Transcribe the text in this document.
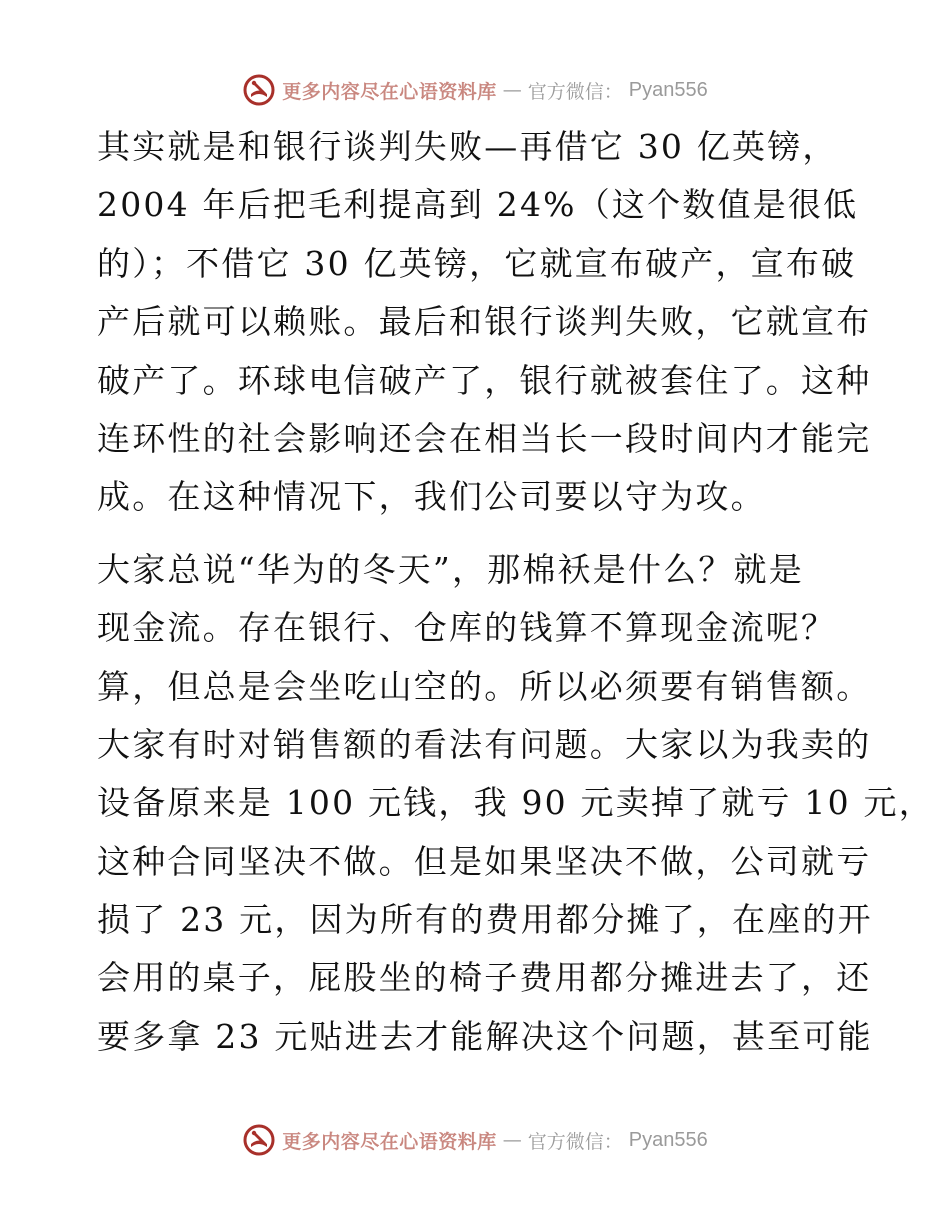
更多内容尽在心语资料库 — 官方微信： Pyan556
其实就是和银行谈判失败—再借它 30 亿英镑，
2004 年后把毛利提高到 24%（这个数值是很低
的）；不借它 30 亿英镑，它就宣布破产，宣布破
产后就可以赖账。最后和银行谈判失败，它就宣布
破产了。环球电信破产了，银行就被套住了。这种
连环性的社会影响还会在相当长一段时间内才能完
成。在这种情况下，我们公司要以守为攻。
大家总说“华为的冬天”，那棉袄是什么？就是
现金流。存在银行、仓库的钱算不算现金流呢？
算，但总是会坐吃山空的。所以必须要有销售额。
大家有时对销售额的看法有问题。大家以为我卖的
设备原来是 100 元钱，我 90 元卖掉了就亏 10 元，
这种合同坚决不做。但是如果坚决不做，公司就亏
损了 23 元，因为所有的费用都分摊了，在座的开
会用的桌子，屁股坐的椅子费用都分摊进去了，还
要多拿 23 元贴进去才能解决这个问题，甚至可能
更多内容尽在心语资料库 — 官方微信： Pyan556
